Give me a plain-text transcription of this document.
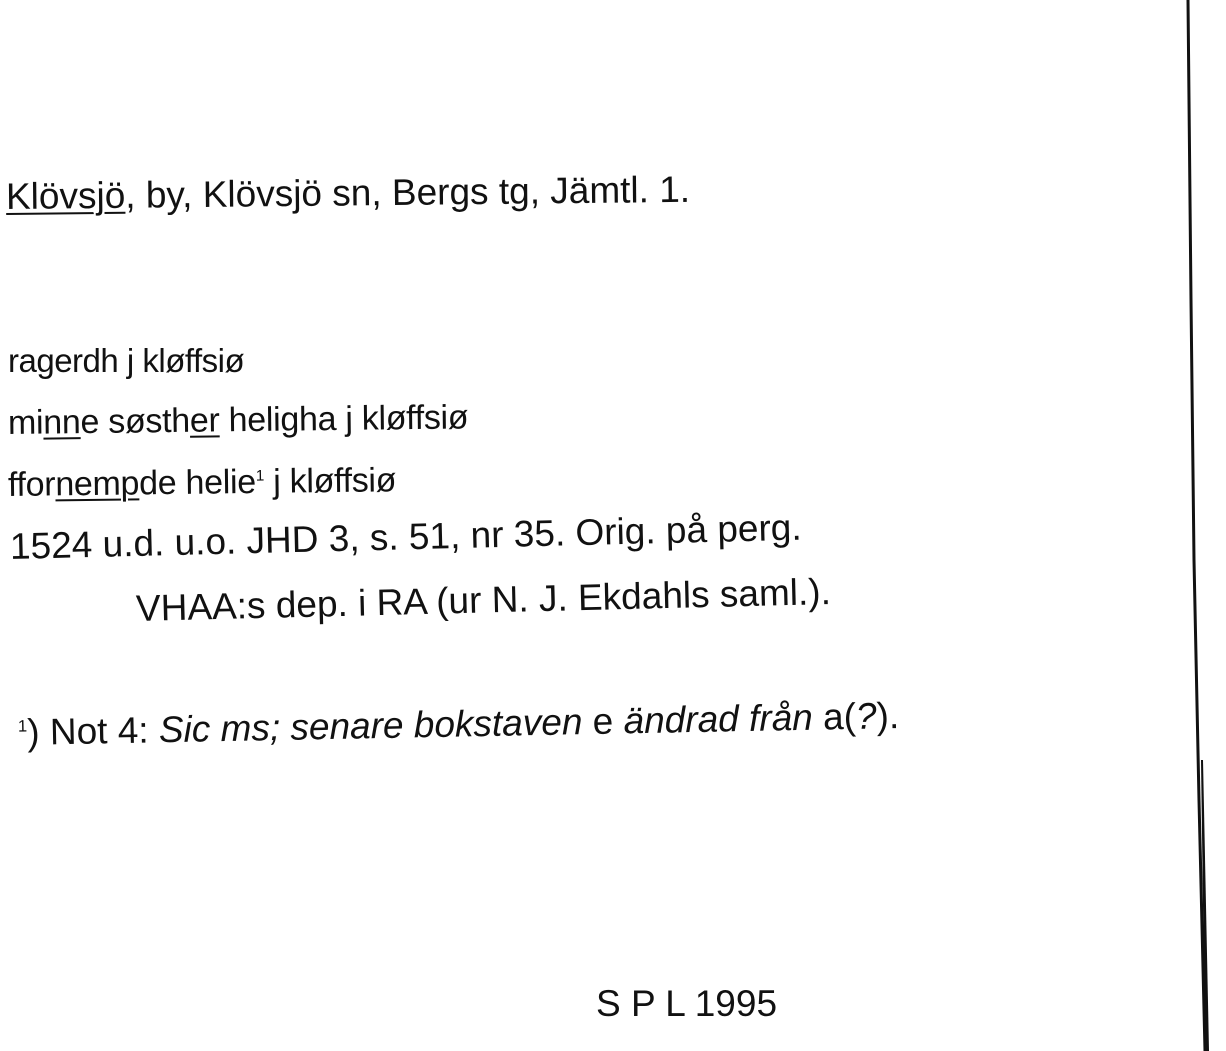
Klövsjö, by, Klövsjö sn, Bergs tg, Jämtl. 1.
ragerdh j kløffsiø
minne søsther heligha j kløffsiø
ffornempde helie$^1$ j kløffsiø
1524 u.d. u.o. JHD 3, s. 51, nr 35. Orig. på perg.
VHAA:s dep. i RA (ur N. J. Ekdahls saml.).
$^1$) Not 4: Sic ms; senare bokstaven e ändrad från a(?).
S P L 1995
